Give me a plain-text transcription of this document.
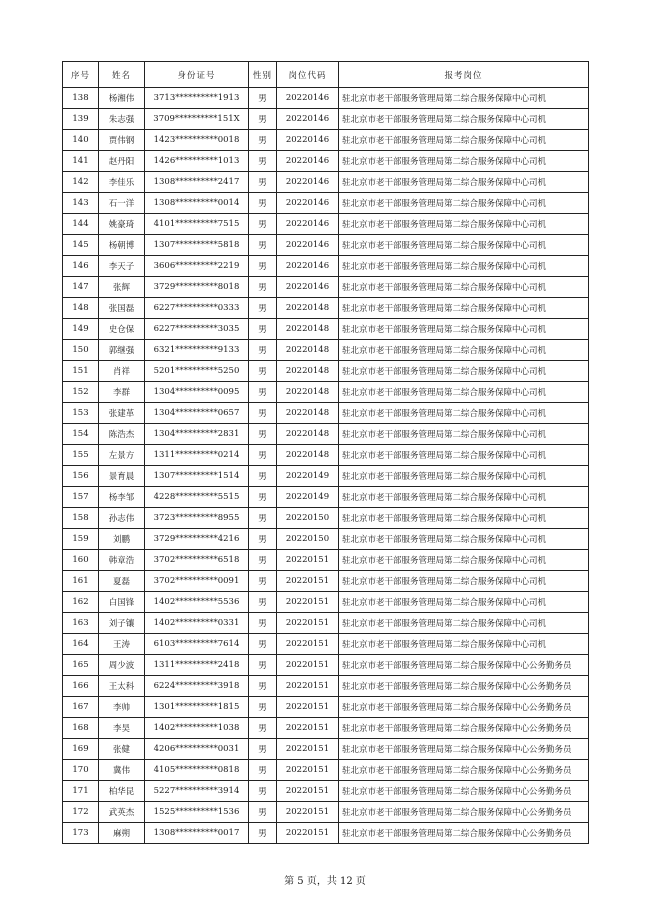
序号	姓名	身份证号	性别	岗位代码	报考岗位
138	杨湘伟	3713**********1913	男	20220146	驻北京市老干部服务管理局第二综合服务保障中心司机
139	朱志强	3709**********151X	男	20220146	驻北京市老干部服务管理局第二综合服务保障中心司机
140	贾伟钢	1423**********0018	男	20220146	驻北京市老干部服务管理局第二综合服务保障中心司机
141	赵丹阳	1426**********1013	男	20220146	驻北京市老干部服务管理局第二综合服务保障中心司机
142	李佳乐	1308**********2417	男	20220146	驻北京市老干部服务管理局第二综合服务保障中心司机
143	石一洋	1308**********0014	男	20220146	驻北京市老干部服务管理局第二综合服务保障中心司机
144	姚豪琦	4101**********7515	男	20220146	驻北京市老干部服务管理局第二综合服务保障中心司机
145	杨朝博	1307**********5818	男	20220146	驻北京市老干部服务管理局第二综合服务保障中心司机
146	李天子	3606**********2219	男	20220146	驻北京市老干部服务管理局第二综合服务保障中心司机
147	张辉	3729**********8018	男	20220146	驻北京市老干部服务管理局第二综合服务保障中心司机
148	张国磊	6227**********0333	男	20220148	驻北京市老干部服务管理局第二综合服务保障中心司机
149	史仓保	6227**********3035	男	20220148	驻北京市老干部服务管理局第二综合服务保障中心司机
150	郭继强	6321**********9133	男	20220148	驻北京市老干部服务管理局第二综合服务保障中心司机
151	肖祥	5201**********5250	男	20220148	驻北京市老干部服务管理局第二综合服务保障中心司机
152	李群	1304**********0095	男	20220148	驻北京市老干部服务管理局第二综合服务保障中心司机
153	张建革	1304**********0657	男	20220148	驻北京市老干部服务管理局第二综合服务保障中心司机
154	陈浩杰	1304**********2831	男	20220148	驻北京市老干部服务管理局第二综合服务保障中心司机
155	左景方	1311**********0214	男	20220148	驻北京市老干部服务管理局第二综合服务保障中心司机
156	景育晨	1307**********1514	男	20220149	驻北京市老干部服务管理局第二综合服务保障中心司机
157	杨李邹	4228**********5515	男	20220149	驻北京市老干部服务管理局第二综合服务保障中心司机
158	孙志伟	3723**********8955	男	20220150	驻北京市老干部服务管理局第二综合服务保障中心司机
159	刘鹏	3729**********4216	男	20220150	驻北京市老干部服务管理局第二综合服务保障中心司机
160	韩章浩	3702**********6518	男	20220151	驻北京市老干部服务管理局第二综合服务保障中心司机
161	夏磊	3702**********0091	男	20220151	驻北京市老干部服务管理局第二综合服务保障中心司机
162	白国锋	1402**********5536	男	20220151	驻北京市老干部服务管理局第二综合服务保障中心司机
163	刘子镶	1402**********0331	男	20220151	驻北京市老干部服务管理局第二综合服务保障中心司机
164	王涛	6103**********7614	男	20220151	驻北京市老干部服务管理局第二综合服务保障中心司机
165	周少波	1311**********2418	男	20220151	驻北京市老干部服务管理局第二综合服务保障中心公务勤务员
166	王太科	6224**********3918	男	20220151	驻北京市老干部服务管理局第二综合服务保障中心公务勤务员
167	李帅	1301**********1815	男	20220151	驻北京市老干部服务管理局第二综合服务保障中心公务勤务员
168	李昊	1402**********1038	男	20220151	驻北京市老干部服务管理局第二综合服务保障中心公务勤务员
169	张健	4206**********0031	男	20220151	驻北京市老干部服务管理局第二综合服务保障中心公务勤务员
170	冀伟	4105**********0818	男	20220151	驻北京市老干部服务管理局第二综合服务保障中心公务勤务员
171	柏华昆	5227**********3914	男	20220151	驻北京市老干部服务管理局第二综合服务保障中心公务勤务员
172	武英杰	1525**********1536	男	20220151	驻北京市老干部服务管理局第二综合服务保障中心公务勤务员
173	麻朔	1308**********0017	男	20220151	驻北京市老干部服务管理局第二综合服务保障中心公务勤务员
第 5 页，共 12 页
